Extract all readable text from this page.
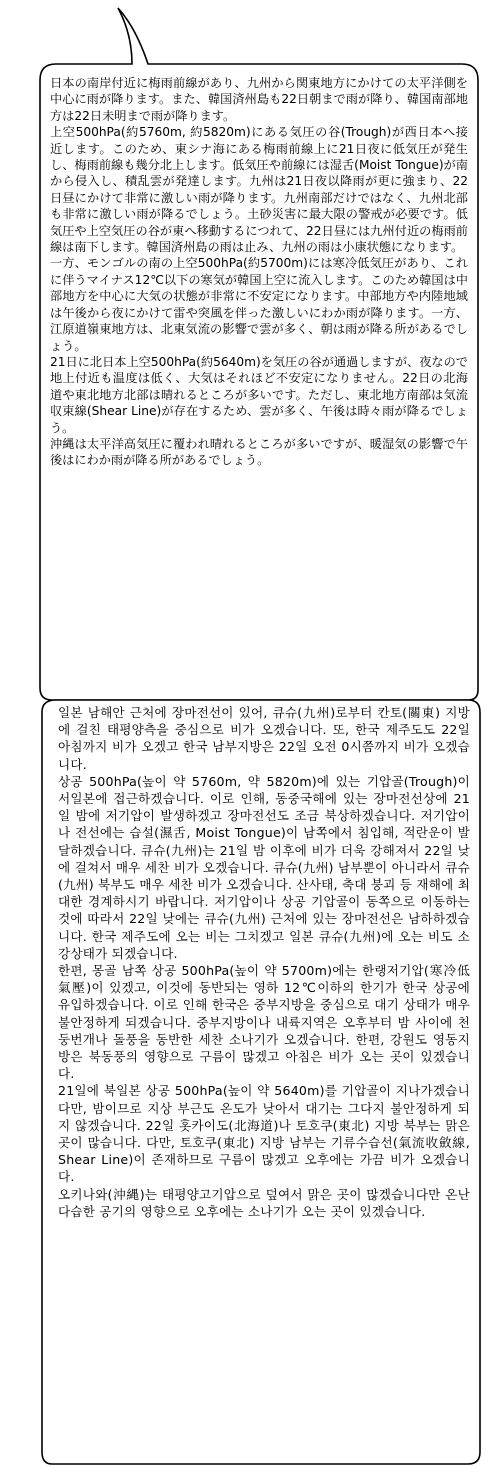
日本の南岸付近に梅雨前線があり、九州から関東地方にかけての太平洋側を中心に雨が降ります。また、韓国済州島も22日朝まで雨が降り、韓国南部地方は22日未明まで雨が降ります。

上空500hPa(約5760m, 約5820m)にある気圧の谷(Trough)が西日本へ接近します。このため、東シナ海にある梅雨前線上に21日夜に低気圧が発生し、梅雨前線も幾分北上します。低気圧や前線には湿舌(Moist Tongue)が南から侵入し、積乱雲が発達します。九州は21日夜以降雨が更に強まり、22日昼にかけて非常に激しい雨が降ります。九州南部だけではなく、九州北部も非常に激しい雨が降るでしょう。土砂災害に最大限の警戒が必要です。低気圧や上空気圧の谷が東へ移動するにつれて、22日昼には九州付近の梅雨前線は南下します。韓国済州島の雨は止み、九州の雨は小康状態になります。

一方、モンゴルの南の上空500hPa(約5700m)には寒冷低気圧があり、これに伴うマイナス12℃以下の寒気が韓国上空に流入します。このため韓国は中部地方を中心に大気の状態が非常に不安定になります。中部地方や内陸地域は午後から夜にかけて雷や突風を伴った激しいにわか雨が降ります。一方、江原道嶺東地方は、北東気流の影響で雲が多く、朝は雨が降る所があるでしょう。

21日に北日本上空500hPa(約5640m)を気圧の谷が通過しますが、夜なので地上付近も温度は低く、大気はそれほど不安定になりません。22日の北海道や東北地方北部は晴れるところが多いです。ただし、東北地方南部は気流収束線(Shear Line)が存在するため、雲が多く、午後は時々雨が降るでしょう。

沖縄は太平洋高気圧に覆われ晴れるところが多いですが、暖湿気の影響で午後はにわか雨が降る所があるでしょう。

일본 남해안 근처에 장마전선이 있어, 큐슈(九州)로부터 칸토(關東) 지방에 걸친 태평양측을 중심으로 비가 오겠습니다. 또, 한국 제주도도 22일 아침까지 비가 오겠고 한국 남부지방은 22일 오전 0시쯤까지 비가 오겠습니다.

상공 500hPa(높이 약 5760m, 약 5820m)에 있는 기압골(Trough)이 서일본에 접근하겠습니다. 이로 인해, 동중국해에 있는 장마전선상에 21일 밤에 저기압이 발생하겠고 장마전선도 조금 북상하겠습니다. 저기압이나 전선에는 습설(濕舌, Moist Tongue)이 남쪽에서 침입해, 적란운이 발달하겠습니다. 큐슈(九州)는 21일 밤 이후에 비가 더욱 강해져서 22일 낮에 걸쳐서 매우 세찬 비가 오겠습니다. 큐슈(九州) 남부뿐이 아니라서 큐슈(九州) 북부도 매우 세찬 비가 오겠습니다. 산사태, 축대 붕괴 등 재해에 최대한 경계하시기 바랍니다. 저기압이나 상공 기압골이 동쪽으로 이동하는 것에 따라서 22일 낮에는 큐슈(九州) 근처에 있는 장마전선은 남하하겠습니다. 한국 제주도에 오는 비는 그치겠고 일본 큐슈(九州)에 오는 비도 소강상태가 되겠습니다.

한편, 몽골 남쪽 상공 500hPa(높이 약 5700m)에는 한랭저기압(寒冷低氣壓)이 있겠고, 이것에 동반되는 영하 12℃이하의 한기가 한국 상공에 유입하겠습니다. 이로 인해 한국은 중부지방을 중심으로 대기 상태가 매우 불안정하게 되겠습니다. 중부지방이나 내륙지역은 오후부터 밤 사이에 천둥번개나 돌풍을 동반한 세찬 소나기가 오겠습니다. 한편, 강원도 영동지방은 북동풍의 영향으로 구름이 많겠고 아침은 비가 오는 곳이 있겠습니다.

21일에 북일본 상공 500hPa(높이 약 5640m)를 기압골이 지나가겠습니다만, 밤이므로 지상 부근도 온도가 낮아서 대기는 그다지 불안정하게 되지 않겠습니다. 22일 홋카이도(北海道)나 토호쿠(東北) 지방 북부는 맑은 곳이 많습니다. 다만, 토호쿠(東北) 지방 남부는 기류수습선(氣流收斂線, Shear Line)이 존재하므로 구름이 많겠고 오후에는 가끔 비가 오겠습니다.

오키나와(沖縄)는 태평양고기압으로 덮여서 맑은 곳이 많겠습니다만 온난 다습한 공기의 영향으로 오후에는 소나기가 오는 곳이 있겠습니다.
